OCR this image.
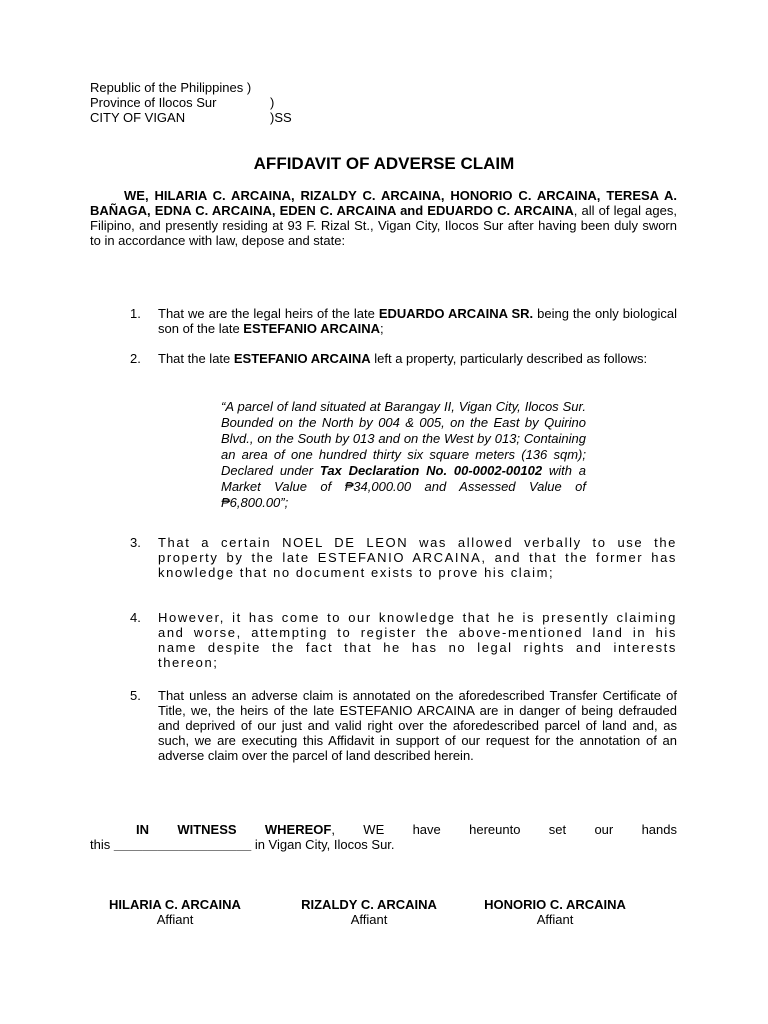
Republic of the Philippines )
Province of Ilocos Sur	)
CITY OF VIGAN	)SS
AFFIDAVIT OF ADVERSE CLAIM
WE, HILARIA C. ARCAINA, RIZALDY C. ARCAINA, HONORIO C. ARCAINA, TERESA A. BAÑAGA, EDNA C. ARCAINA, EDEN C. ARCAINA and EDUARDO C. ARCAINA, all of legal ages, Filipino, and presently residing at 93 F. Rizal St., Vigan City, Ilocos Sur after having been duly sworn to in accordance with law, depose and state:
1.	That we are the legal heirs of the late EDUARDO ARCAINA SR. being the only biological son of the late ESTEFANIO ARCAINA;
2.	That the late ESTEFANIO ARCAINA left a property, particularly described as follows:
“A parcel of land situated at Barangay II, Vigan City, Ilocos Sur. Bounded on the North by 004 & 005, on the East by Quirino Blvd., on the South by 013 and on the West by 013; Containing an area of one hundred thirty six square meters (136 sqm); Declared under Tax Declaration No. 00-0002-00102 with a Market Value of ₱34,000.00 and Assessed Value of ₱6,800.00”;
3.	That a certain NOEL DE LEON was allowed verbally to use the property by the late ESTEFANIO ARCAINA, and that the former has knowledge that no document exists to prove his claim;
4.	However, it has come to our knowledge that he is presently claiming and worse, attempting to register the above-mentioned land in his name despite the fact that he has no legal rights and interests thereon;
5.	That unless an adverse claim is annotated on the aforedescribed Transfer Certificate of Title, we, the heirs of the late ESTEFANIO ARCAINA are in danger of being defrauded and deprived of our just and valid right over the aforedescribed parcel of land and, as such, we are executing this Affidavit in support of our request for the annotation of an adverse claim over the parcel of land described herein.
IN WITNESS WHEREOF, WE have hereunto set our hands
this ___________________ in Vigan City, Ilocos Sur.
HILARIA C. ARCAINA
Affiant
RIZALDY C. ARCAINA
Affiant
HONORIO C. ARCAINA
Affiant
